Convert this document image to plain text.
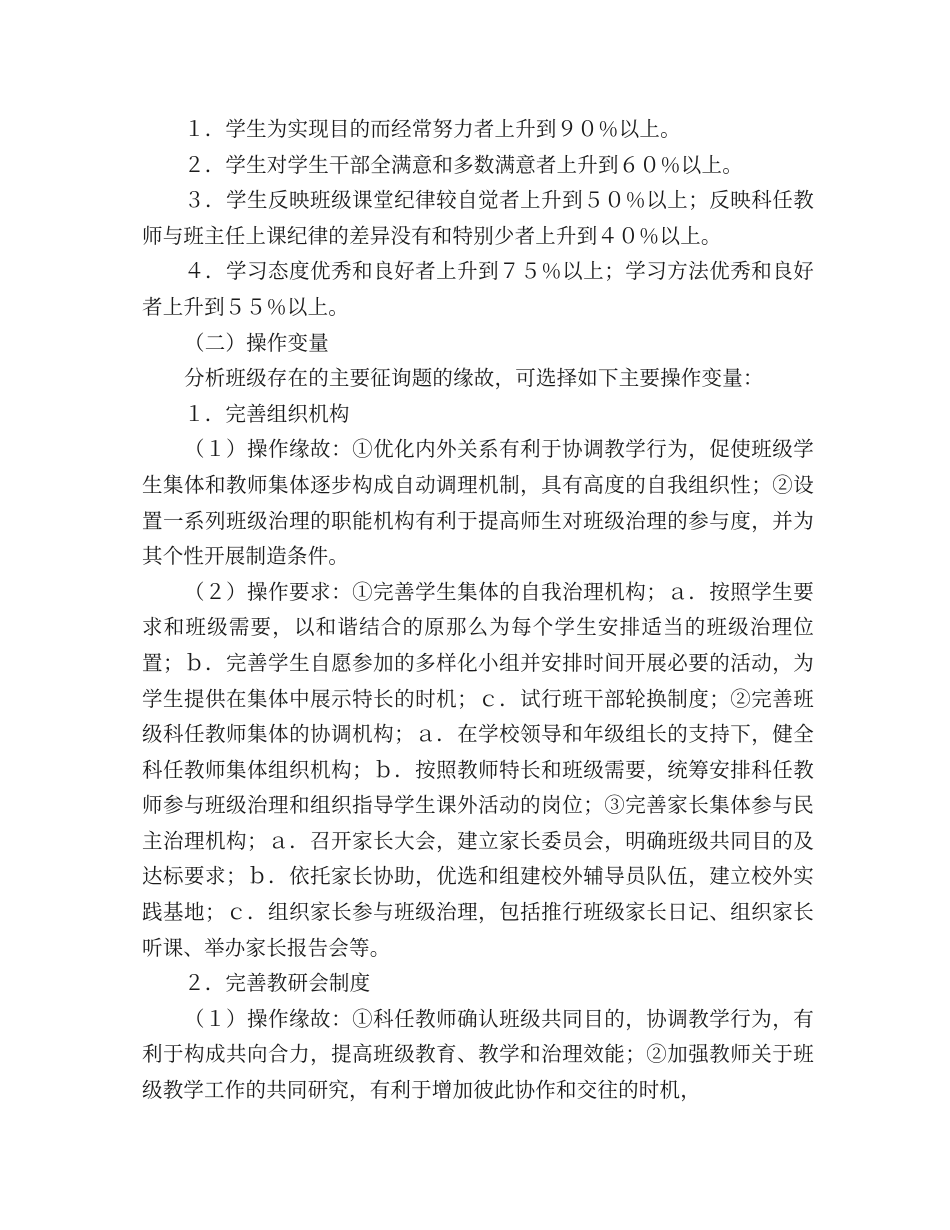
１．学生为实现目的而经常努力者上升到９０％以上。

２．学生对学生干部全满意和多数满意者上升到６０％以上。

３．学生反映班级课堂纪律较自觉者上升到５０％以上；反映科任教师与班主任上课纪律的差异没有和特别少者上升到４０％以上。

４．学习态度优秀和良好者上升到７５％以上；学习方法优秀和良好者上升到５５％以上。

（二）操作变量

分析班级存在的主要征询题的缘故，可选择如下主要操作变量：

１．完善组织机构

（１）操作缘故：①优化内外关系有利于协调教学行为，促使班级学生集体和教师集体逐步构成自动调理机制，具有高度的自我组织性；②设置一系列班级治理的职能机构有利于提高师生对班级治理的参与度，并为其个性开展制造条件。

（２）操作要求：①完善学生集体的自我治理机构；ａ．按照学生要求和班级需要，以和谐结合的原那么为每个学生安排适当的班级治理位置；ｂ．完善学生自愿参加的多样化小组并安排时间开展必要的活动，为学生提供在集体中展示特长的时机；ｃ．试行班干部轮换制度；②完善班级科任教师集体的协调机构；ａ．在学校领导和年级组长的支持下，健全科任教师集体组织机构；ｂ．按照教师特长和班级需要，统筹安排科任教师参与班级治理和组织指导学生课外活动的岗位；③完善家长集体参与民主治理机构；ａ．召开家长大会，建立家长委员会，明确班级共同目的及达标要求；ｂ．依托家长协助，优选和组建校外辅导员队伍，建立校外实践基地；ｃ．组织家长参与班级治理，包括推行班级家长日记、组织家长听课、举办家长报告会等。

２．完善教研会制度

（１）操作缘故：①科任教师确认班级共同目的，协调教学行为，有利于构成共向合力，提高班级教育、教学和治理效能；②加强教师关于班级教学工作的共同研究，有利于增加彼此协作和交往的时机，
